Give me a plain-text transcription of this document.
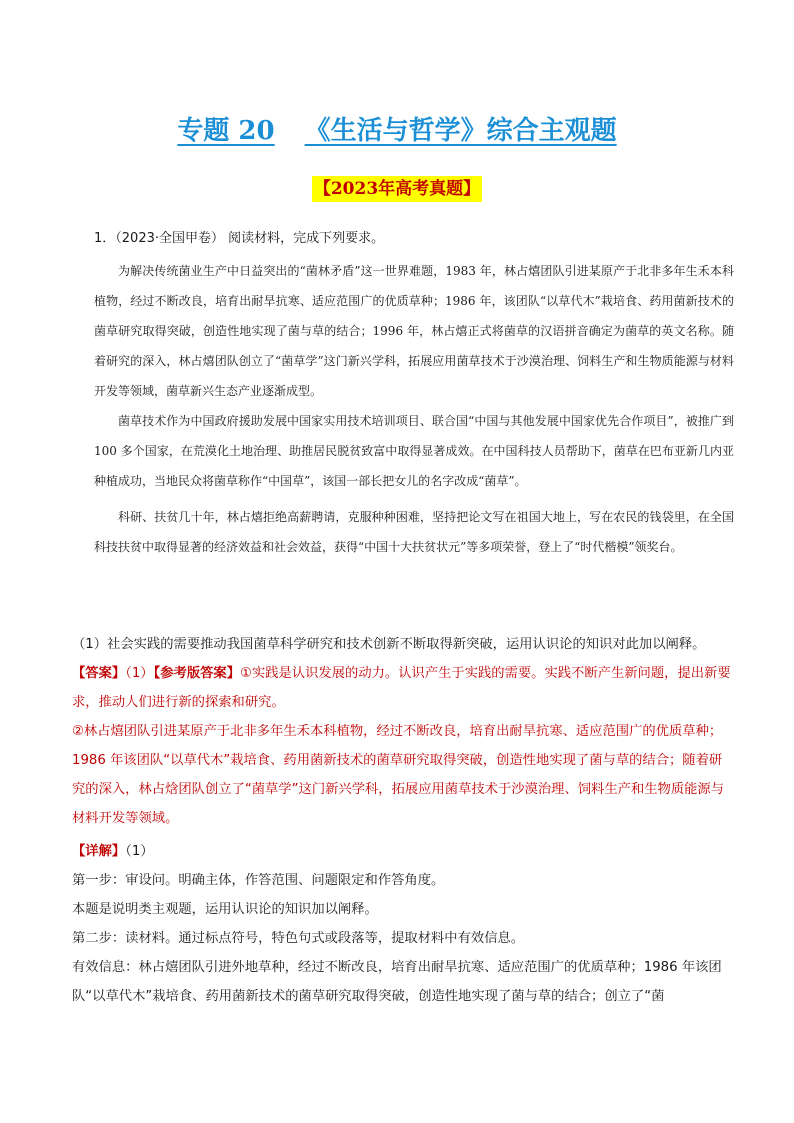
专题 20 《生活与哲学》综合主观题
【2023年高考真题】
1．（2023·全国甲卷） 阅读材料，完成下列要求。

为解决传统菌业生产中日益突出的“菌林矛盾”这一世界难题，1983 年，林占熺团队引进某原产于北非多年生禾本科植物，经过不断改良，培育出耐旱抗寒、适应范围广的优质草种；1986 年，该团队“以草代木”栽培食、药用菌新技术的菌草研究取得突破，创造性地实现了菌与草的结合；1996 年，林占熺正式将菌草的汉语拼音确定为菌草的英文名称。随着研究的深入，林占熺团队创立了“菌草学”这门新兴学科，拓展应用菌草技术于沙漠治理、饲料生产和生物质能源与材料开发等领域，菌草新兴生态产业逐渐成型。

菌草技术作为中国政府援助发展中国家实用技术培训项目、联合国“中国与其他发展中国家优先合作项目”，被推广到 100 多个国家，在荒漠化土地治理、助推居民脱贫致富中取得显著成效。在中国科技人员帮助下，菌草在巴布亚新几内亚种植成功，当地民众将菌草称作“中国草”，该国一部长把女儿的名字改成“菌草”。

科研、扶贫几十年，林占熺拒绝高薪聘请，克服种种困难，坚持把论文写在祖国大地上，写在农民的钱袋里，在全国科技扶贫中取得显著的经济效益和社会效益，获得“中国十大扶贫状元”等多项荣誉，登上了“时代楷模”领奖台。

（1）社会实践的需要推动我国菌草科学研究和技术创新不断取得新突破，运用认识论的知识对此加以阐释。

【答案】（1）【参考版答案】①实践是认识发展的动力。认识产生于实践的需要。实践不断产生新问题，提出新要求，推动人们进行新的探索和研究。

②林占熺团队引进某原产于北非多年生禾本科植物，经过不断改良，培育出耐旱抗寒、适应范围广的优质草种；1986 年该团队“以草代木”栽培食、药用菌新技术的菌草研究取得突破，创造性地实现了菌与草的结合；随着研究的深入，林占焓团队创立了“菌草学”这门新兴学科，拓展应用菌草技术于沙漠治理、饲料生产和生物质能源与材料开发等领域。

【详解】（1）

第一步：审设问。明确主体，作答范围、问题限定和作答角度。

本题是说明类主观题，运用认识论的知识加以阐释。

第二步：读材料。通过标点符号，特色句式或段落等，提取材料中有效信息。

有效信息：林占熺团队引进外地草种，经过不断改良，培育出耐旱抗寒、适应范围广的优质草种；1986 年该团队“以草代木”栽培食、药用菌新技术的菌草研究取得突破，创造性地实现了菌与草的结合；创立了“菌
